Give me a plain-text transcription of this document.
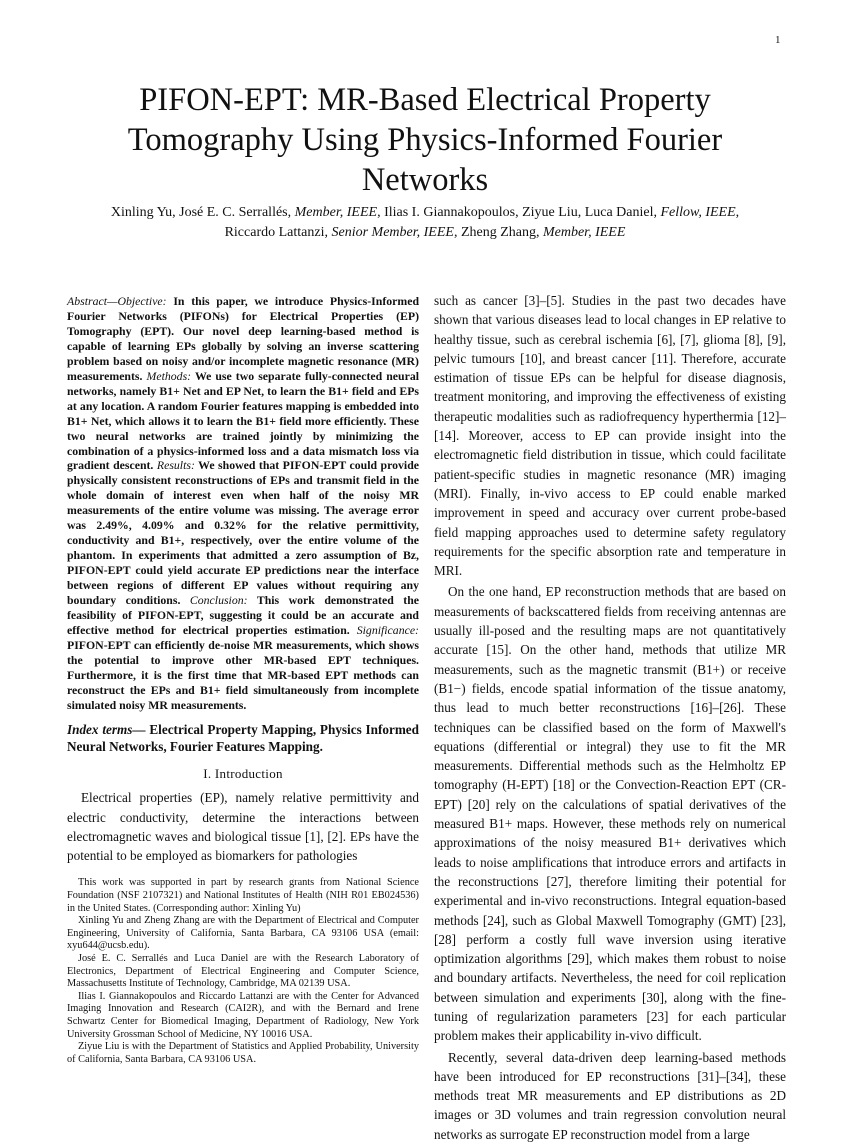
1
PIFON-EPT: MR-Based Electrical Property Tomography Using Physics-Informed Fourier Networks
Xinling Yu, José E. C. Serrallés, Member, IEEE, Ilias I. Giannakopoulos, Ziyue Liu, Luca Daniel, Fellow, IEEE,
Riccardo Lattanzi, Senior Member, IEEE, Zheng Zhang, Member, IEEE

Abstract—Objective: In this paper, we introduce Physics-Informed Fourier Networks (PIFONs) for Electrical Properties (EP) Tomography (EPT). Our novel deep learning-based method is capable of learning EPs globally by solving an inverse scattering problem based on noisy and/or incomplete magnetic resonance (MR) measurements. Methods: We use two separate fully-connected neural networks, namely B1+ Net and EP Net, to learn the B1+ field and EPs at any location. A random Fourier features mapping is embedded into B1+ Net, which allows it to learn the B1+ field more efficiently. These two neural networks are trained jointly by minimizing the combination of a physics-informed loss and a data mismatch loss via gradient descent. Results: We showed that PIFON-EPT could provide physically consistent reconstructions of EPs and transmit field in the whole domain of interest even when half of the noisy MR measurements of the entire volume was missing. The average error was 2.49%, 4.09% and 0.32% for the relative permittivity, conductivity and B1+, respectively, over the entire volume of the phantom. In experiments that admitted a zero assumption of Bz, PIFON-EPT could yield accurate EP predictions near the interface between regions of different EP values without requiring any boundary conditions. Conclusion: This work demonstrated the feasibility of PIFON-EPT, suggesting it could be an accurate and effective method for electrical properties estimation. Significance: PIFON-EPT can efficiently de-noise MR measurements, which shows the potential to improve other MR-based EPT techniques. Furthermore, it is the first time that MR-based EPT methods can reconstruct the EPs and B1+ field simultaneously from incomplete simulated noisy MR measurements.

Index terms— Electrical Property Mapping, Physics Informed Neural Networks, Fourier Features Mapping.

I. Introduction

Electrical properties (EP), namely relative permittivity and electric conductivity, determine the interactions between electromagnetic waves and biological tissue [1], [2]. EPs have the potential to be employed as biomarkers for pathologies

This work was supported in part by research grants from National Science Foundation (NSF 2107321) and National Institutes of Health (NIH R01 EB024536) in the United States. (Corresponding author: Xinling Yu)

Xinling Yu and Zheng Zhang are with the Department of Electrical and Computer Engineering, University of California, Santa Barbara, CA 93106 USA (email: xyu644@ucsb.edu).

José E. C. Serrallés and Luca Daniel are with the Research Laboratory of Electronics, Department of Electrical Engineering and Computer Science, Massachusetts Institute of Technology, Cambridge, MA 02139 USA.

Ilias I. Giannakopoulos and Riccardo Lattanzi are with the Center for Advanced Imaging Innovation and Research (CAI2R), and with the Bernard and Irene Schwartz Center for Biomedical Imaging, Department of Radiology, New York University Grossman School of Medicine, NY 10016 USA.

Ziyue Liu is with the Department of Statistics and Applied Probability, University of California, Santa Barbara, CA 93106 USA.

such as cancer [3]–[5]. Studies in the past two decades have shown that various diseases lead to local changes in EP relative to healthy tissue, such as cerebral ischemia [6], [7], glioma [8], [9], pelvic tumours [10], and breast cancer [11]. Therefore, accurate estimation of tissue EPs can be helpful for disease diagnosis, treatment monitoring, and improving the effectiveness of existing therapeutic modalities such as radiofrequency hyperthermia [12]–[14]. Moreover, access to EP can provide insight into the electromagnetic field distribution in tissue, which could facilitate patient-specific studies in magnetic resonance (MR) imaging (MRI). Finally, in-vivo access to EP could enable marked improvement in speed and accuracy over current probe-based field mapping approaches used to determine safety regulatory requirements for the specific absorption rate and temperature in MRI.

On the one hand, EP reconstruction methods that are based on measurements of backscattered fields from receiving antennas are usually ill-posed and the resulting maps are not quantitatively accurate [15]. On the other hand, methods that utilize MR measurements, such as the magnetic transmit (B1+) or receive (B1−) fields, encode spatial information of the tissue anatomy, thus lead to much better reconstructions [16]–[26]. These techniques can be classified based on the form of Maxwell's equations (differential or integral) they use to fit the MR measurements. Differential methods such as the Helmholtz EP tomography (H-EPT) [18] or the Convection-Reaction EPT (CR-EPT) [20] rely on the calculations of spatial derivatives of the measured B1+ maps. However, these methods rely on numerical approximations of the noisy measured B1+ derivatives which leads to noise amplifications that introduce errors and artifacts in the reconstructions [27], therefore limiting their potential for experimental and in-vivo reconstructions. Integral equation-based methods [24], such as Global Maxwell Tomography (GMT) [23], [28] perform a costly full wave inversion using iterative optimization algorithms [29], which makes them robust to noise and boundary artifacts. Nevertheless, the need for coil replication between simulation and experiments [30], along with the fine-tuning of regularization parameters [23] for each particular problem makes their applicability in-vivo difficult.

Recently, several data-driven deep learning-based methods have been introduced for EP reconstructions [31]–[34], these methods treat MR measurements and EP distributions as 2D images or 3D volumes and train regression convolution neural networks as surrogate EP reconstruction model from a large
